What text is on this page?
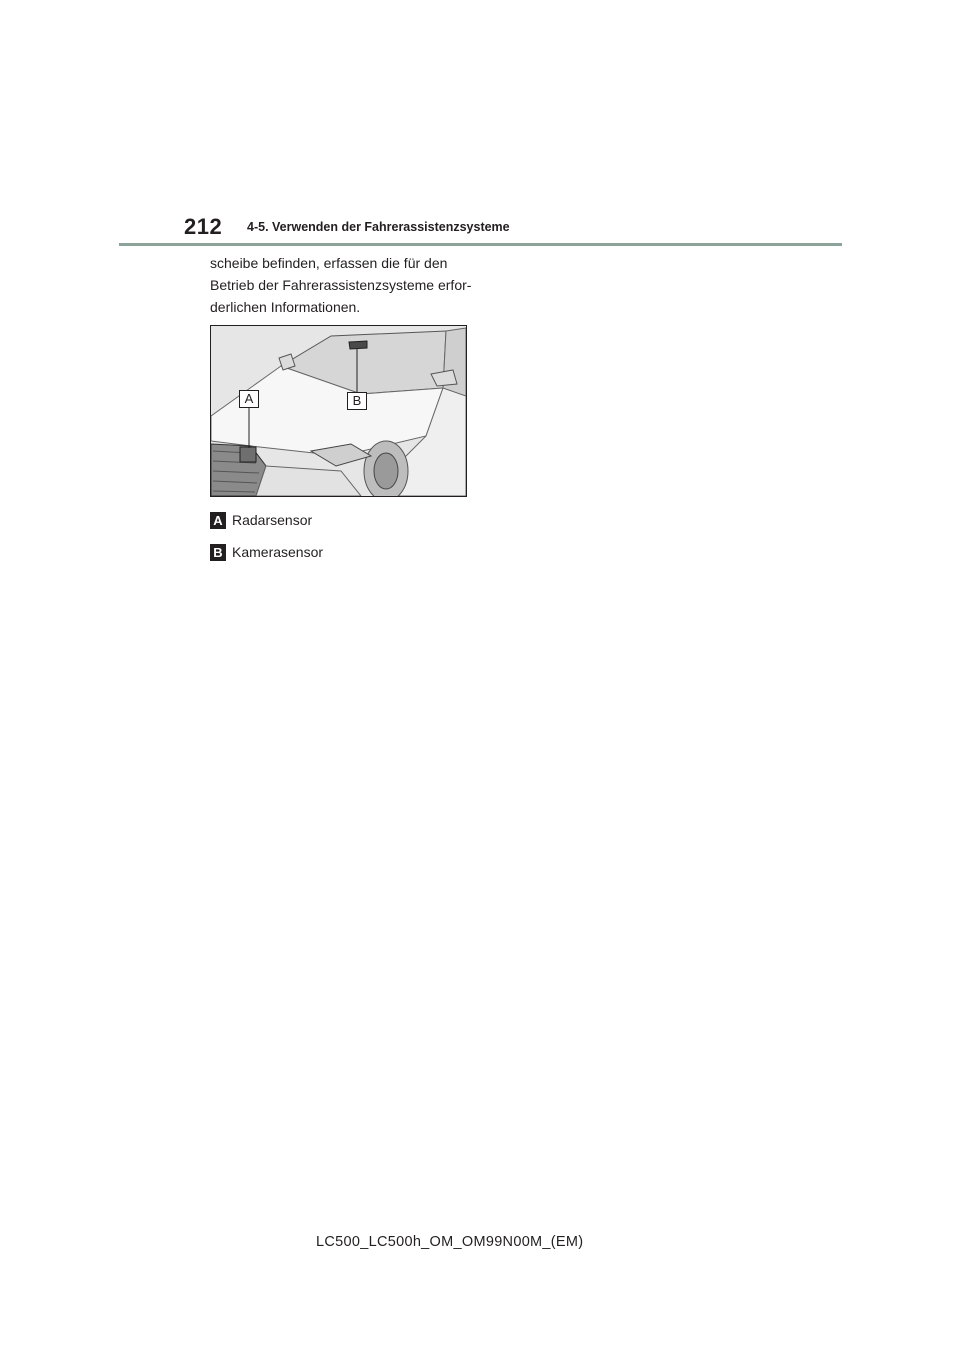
212 4-5. Verwenden der Fahrerassistenzsysteme

scheibe befinden, erfassen die für den
Betrieb der Fahrerassistenzsysteme erfor-
derlichen Informationen.

A	B
A Radarsensor
B Kamerasensor
LC500_LC500h_OM_OM99N00M_(EM)
